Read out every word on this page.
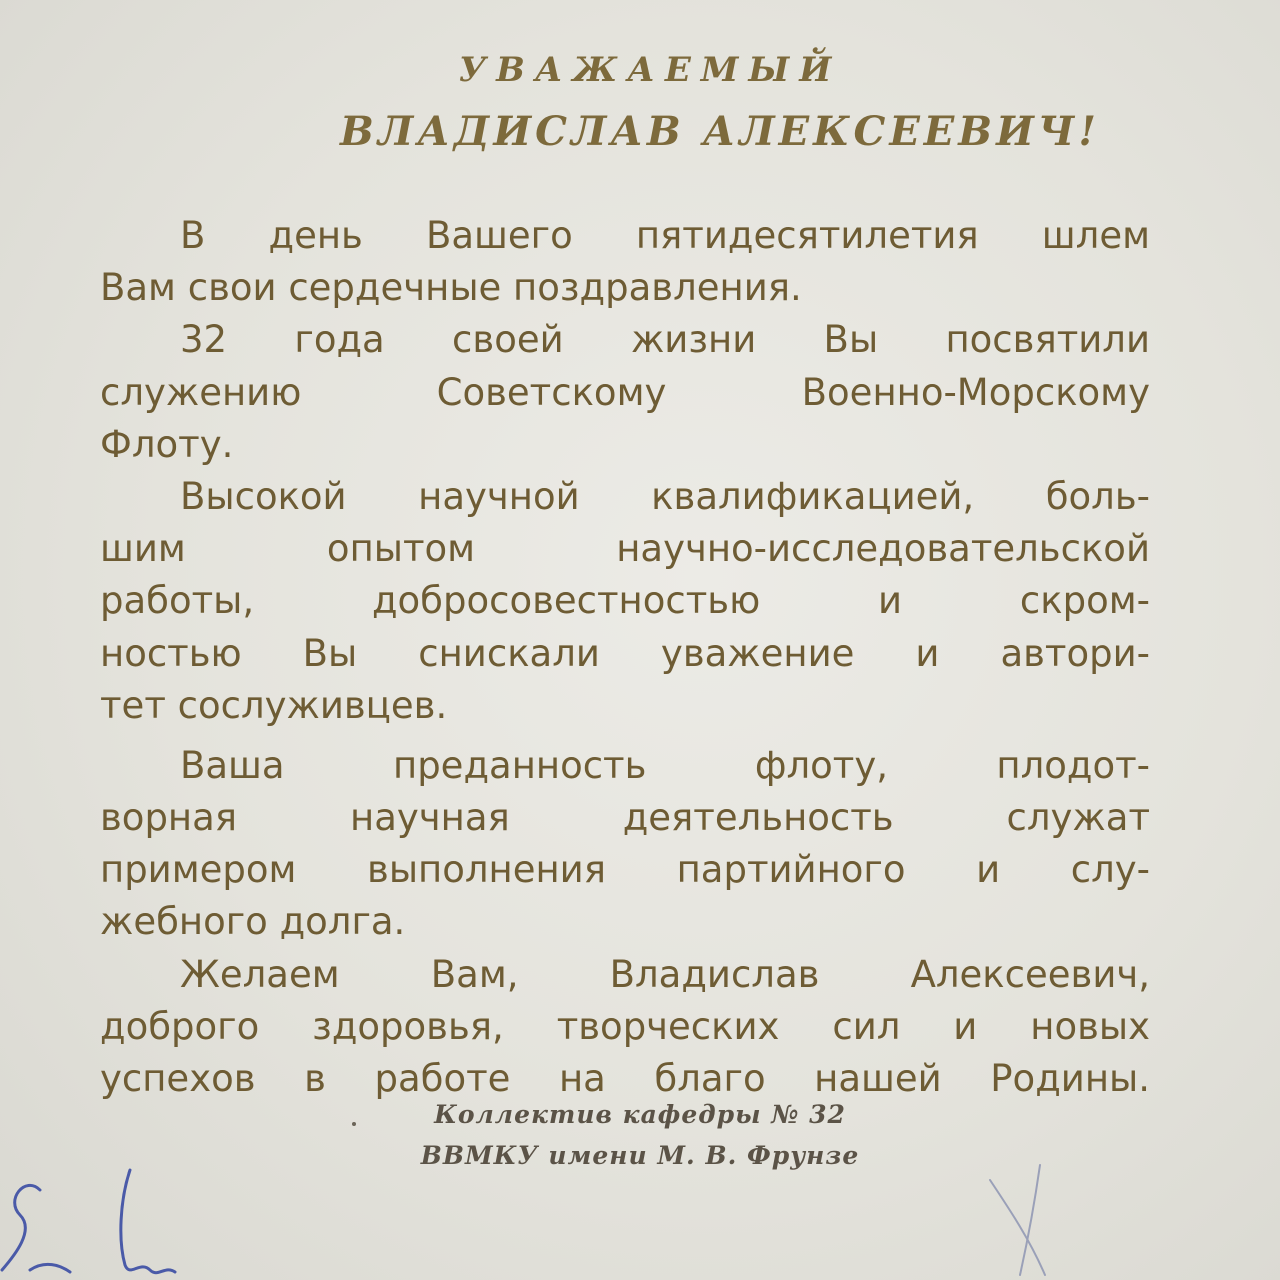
УВАЖАЕМЫЙ
ВЛАДИСЛАВ АЛЕКСЕЕВИЧ!
В день Вашего пятидесятилетия шлем
Вам свои сердечные поздравления.
32 года своей жизни Вы посвятили
служению Советскому Военно-Морскому
Флоту.
Высокой научной квалификацией, боль-
шим опытом научно-исследовательской
работы, добросовестностью и скром-
ностью Вы снискали уважение и автори-
тет сослуживцев.
Ваша преданность флоту, плодот-
ворная научная деятельность служат
примером выполнения партийного и слу-
жебного долга.
Желаем Вам, Владислав Алексеевич,
доброго здоровья, творческих сил и новых
успехов в работе на благо нашей Родины.
Коллектив кафедры № 32
ВВМКУ имени М. В. Фрунзе
